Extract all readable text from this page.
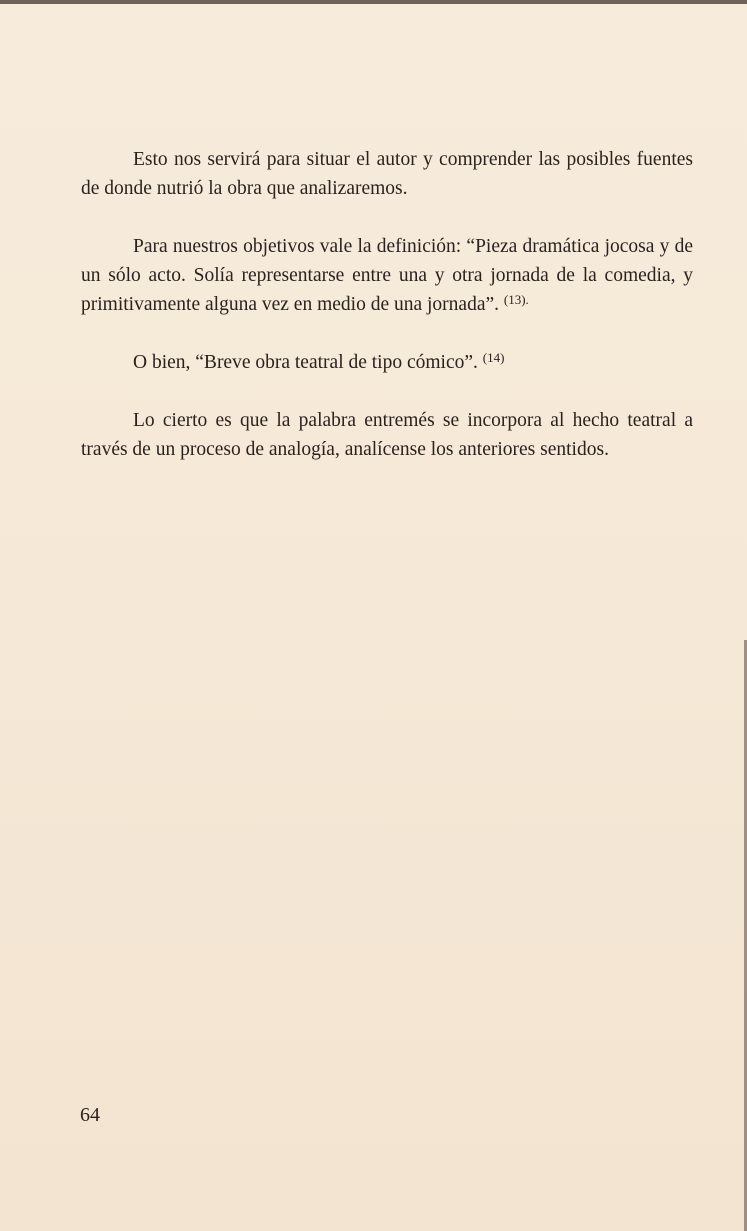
Esto nos servirá para situar el autor y comprender las posibles fuentes de donde nutrió la obra que analizaremos.

Para nuestros objetivos vale la definición: “Pieza dramática jocosa y de un sólo acto. Solía representarse entre una y otra jornada de la comedia, y primitivamente alguna vez en medio de una jornada”. $^{(13).}$

O bien, “Breve obra teatral de tipo cómico”. $^{(14)}$

Lo cierto es que la palabra entremés se incorpora al hecho teatral a través de un proceso de analogía, analícense los anteriores sentidos.

64
